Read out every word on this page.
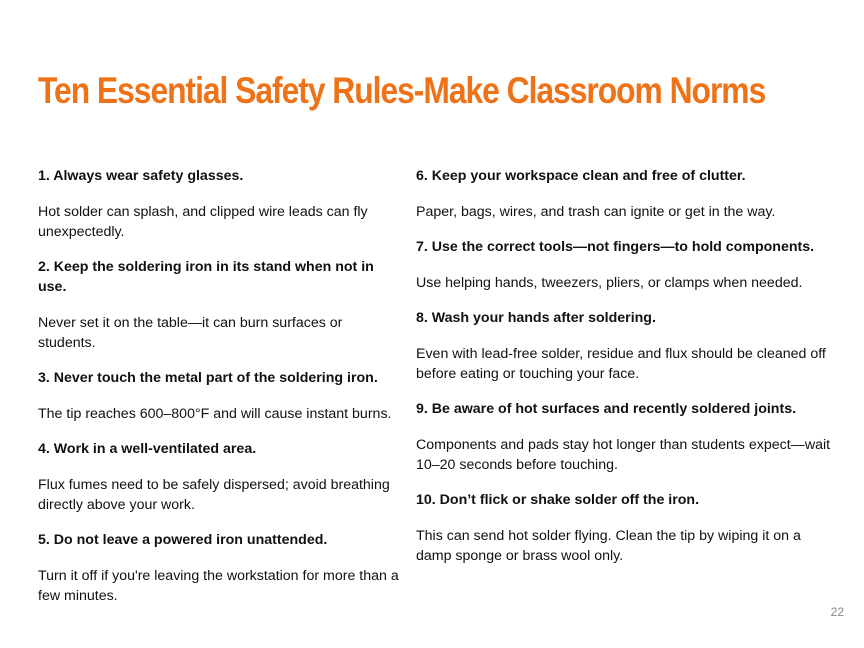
Ten Essential Safety Rules-Make Classroom Norms

1. Always wear safety glasses.

Hot solder can splash, and clipped wire leads can fly unexpectedly.

2. Keep the soldering iron in its stand when not in use.

Never set it on the table—it can burn surfaces or students.

3. Never touch the metal part of the soldering iron.

The tip reaches 600–800°F and will cause instant burns.

4. Work in a well-ventilated area.

Flux fumes need to be safely dispersed; avoid breathing directly above your work.

5. Do not leave a powered iron unattended.

Turn it off if you're leaving the workstation for more than a few minutes.

6. Keep your workspace clean and free of clutter.

Paper, bags, wires, and trash can ignite or get in the way.

7. Use the correct tools—not fingers—to hold components.

Use helping hands, tweezers, pliers, or clamps when needed.

8. Wash your hands after soldering.

Even with lead-free solder, residue and flux should be cleaned off before eating or touching your face.

9. Be aware of hot surfaces and recently soldered joints.

Components and pads stay hot longer than students expect—wait 10–20 seconds before touching.

10. Don’t flick or shake solder off the iron.

This can send hot solder flying. Clean the tip by wiping it on a damp sponge or brass wool only.

22
